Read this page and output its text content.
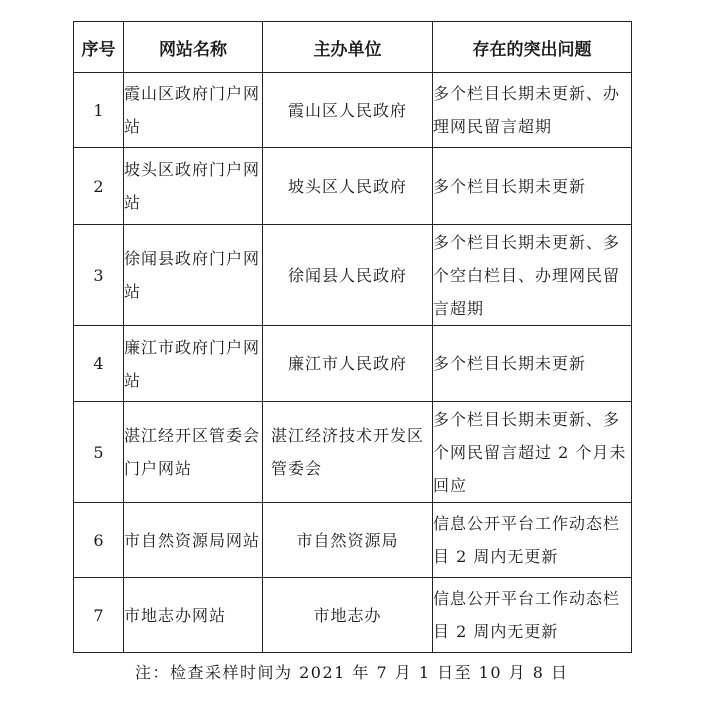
序号	网站名称	主办单位	存在的突出问题
1	霞山区政府门户网站	霞山区人民政府	多个栏目长期未更新、办理网民留言超期
2	坡头区政府门户网站	坡头区人民政府	多个栏目长期未更新
3	徐闻县政府门户网站	徐闻县人民政府	多个栏目长期未更新、多个空白栏目、办理网民留言超期
4	廉江市政府门户网站	廉江市人民政府	多个栏目长期未更新
5	湛江经开区管委会门户网站	湛江经济技术开发区管委会	多个栏目长期未更新、多个网民留言超过 2 个月未回应
6	市自然资源局网站	市自然资源局	信息公开平台工作动态栏目 2 周内无更新
7	市地志办网站	市地志办	信息公开平台工作动态栏目 2 周内无更新
注：检查采样时间为 2021 年 7 月 1 日至 10 月 8 日
